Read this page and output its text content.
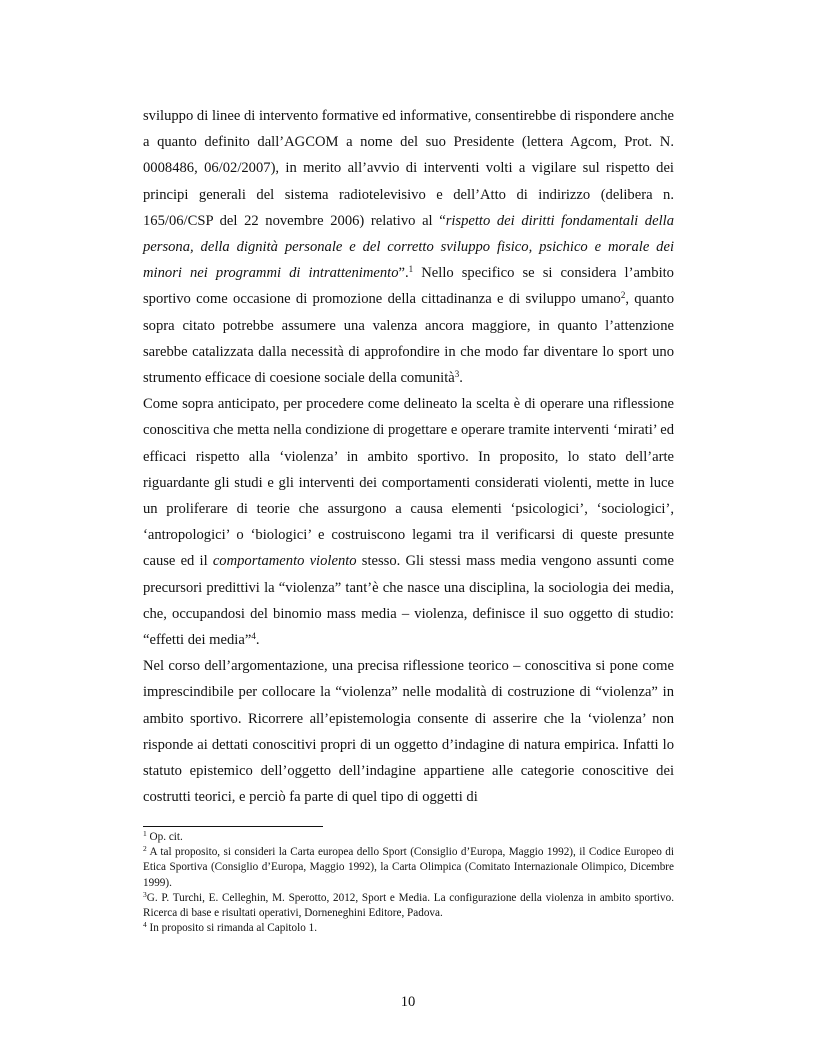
sviluppo di linee di intervento formative ed informative, consentirebbe di rispondere anche a quanto definito dall’AGCOM a nome del suo Presidente (lettera Agcom, Prot. N. 0008486, 06/02/2007), in merito all’avvio di interventi volti a vigilare sul rispetto dei principi generali del sistema radiotelevisivo e dell’Atto di indirizzo (delibera n. 165/06/CSP del 22 novembre 2006) relativo al “rispetto dei diritti fondamentali della persona, della dignità personale e del corretto sviluppo fisico, psichico e morale dei minori nei programmi di intrattenimento”.$^1$ Nello specifico se si considera l’ambito sportivo come occasione di promozione della cittadinanza e di sviluppo umano$^2$, quanto sopra citato potrebbe assumere una valenza ancora maggiore, in quanto l’attenzione sarebbe catalizzata dalla necessità di approfondire in che modo far diventare lo sport uno strumento efficace di coesione sociale della comunità$^3$.

Come sopra anticipato, per procedere come delineato la scelta è di operare una riflessione conoscitiva che metta nella condizione di progettare e operare tramite interventi ‘mirati’ ed efficaci rispetto alla ‘violenza’ in ambito sportivo. In proposito, lo stato dell’arte riguardante gli studi e gli interventi dei comportamenti considerati violenti, mette in luce un proliferare di teorie che assurgono a causa elementi ‘psicologici’, ‘sociologici’, ‘antropologici’ o ‘biologici’ e costruiscono legami tra il verificarsi di queste presunte cause ed il comportamento violento stesso. Gli stessi mass media vengono assunti come precursori predittivi la “violenza” tant’è che nasce una disciplina, la sociologia dei media, che, occupandosi del binomio mass media – violenza, definisce il suo oggetto di studio: “effetti dei media”$^4$.

Nel corso dell’argomentazione, una precisa riflessione teorico – conoscitiva si pone come imprescindibile per collocare la “violenza” nelle modalità di costruzione di “violenza” in ambito sportivo. Ricorrere all’epistemologia consente di asserire che la ‘violenza’ non risponde ai dettati conoscitivi propri di un oggetto d’indagine di natura empirica. Infatti lo statuto epistemico dell’oggetto dell’indagine appartiene alle categorie conoscitive dei costrutti teorici, e perciò fa parte di quel tipo di oggetti di

$^1$ Op. cit.

$^2$ A tal proposito, si consideri la Carta europea dello Sport (Consiglio d’Europa, Maggio 1992), il Codice Europeo di Etica Sportiva (Consiglio d’Europa, Maggio 1992), la Carta Olimpica (Comitato Internazionale Olimpico, Dicembre 1999).

$^3$G. P. Turchi, E. Celleghin, M. Sperotto, 2012, Sport e Media. La configurazione della violenza in ambito sportivo. Ricerca di base e risultati operativi, Dorneneghini Editore, Padova.

$^4$ In proposito si rimanda al Capitolo 1.

10
